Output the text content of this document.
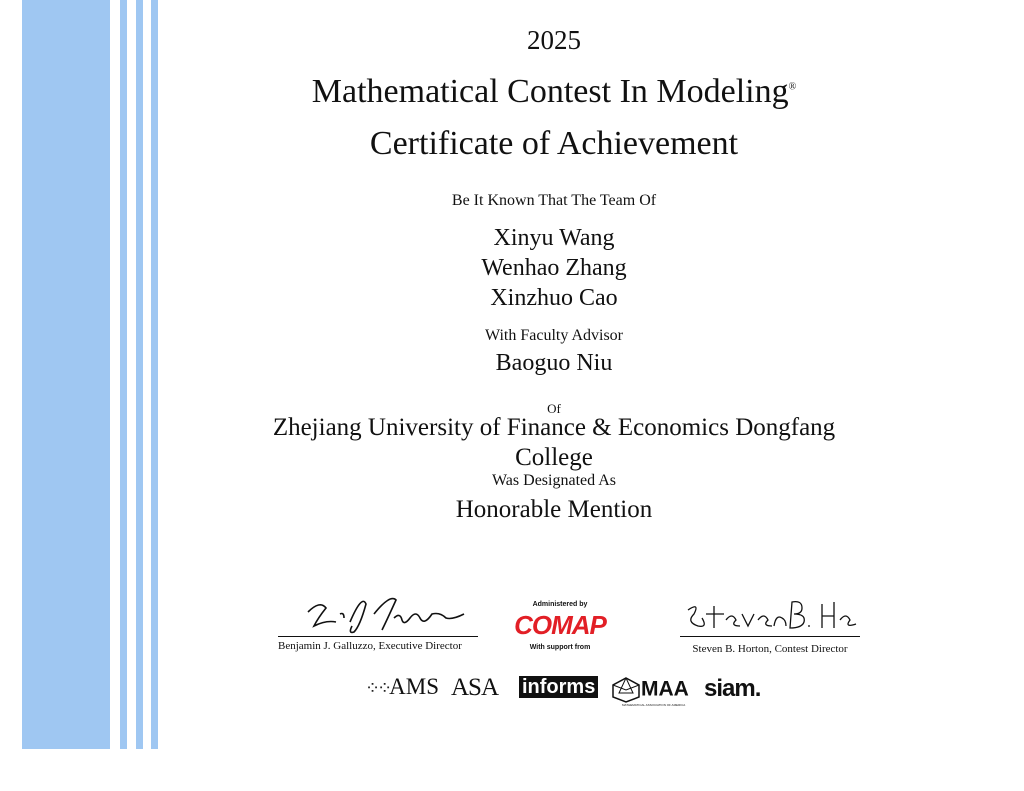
2025
Mathematical Contest In Modeling®
Certificate of Achievement
Be It Known That The Team Of
Xinyu Wang
Wenhao Zhang
Xinzhuo Cao
With Faculty Advisor
Baoguo Niu
Of
Zhejiang University of Finance & Economics Dongfang College
Was Designated As
Honorable Mention
Benjamin J. Galluzzo, Executive Director	Steven B. Horton, Contest Director
Administered by
COMAP
With support from
⁘⁘AMS ASA informs	MAA
MATHEMATICAL ASSOCIATION OF AMERICA
siam.
